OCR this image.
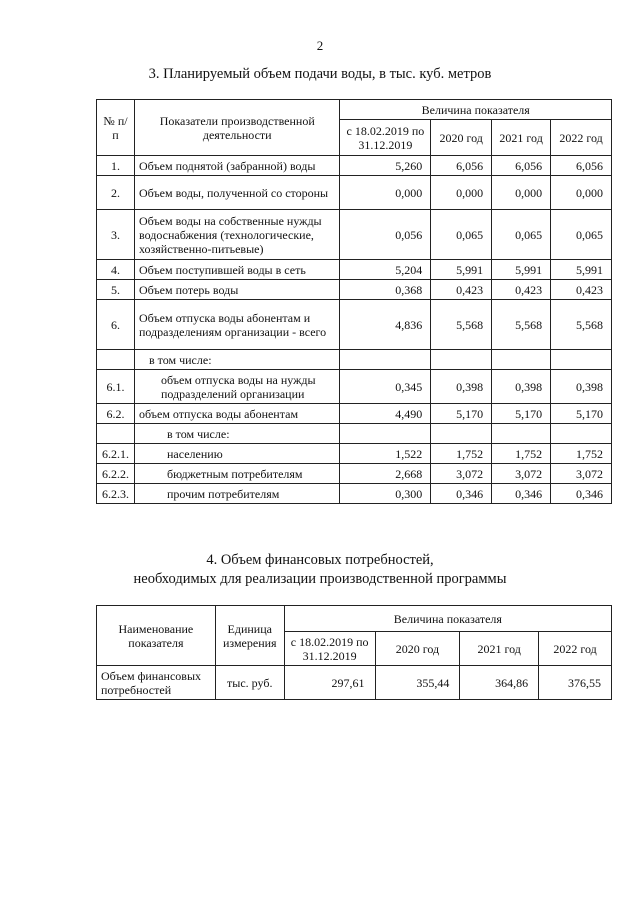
2
3. Планируемый объем подачи воды, в тыс. куб. метров
№ п/п	Показатели производственной деятельности	Величина показателя			
		с 18.02.2019 по 31.12.2019	2020 год	2021 год	2022 год
1.	Объем поднятой (забранной) воды	5,260	6,056	6,056	6,056
2.	Объем воды, полученной со стороны	0,000	0,000	0,000	0,000
3.	Объем воды на собственные нужды водоснабжения (технологические, хозяйственно-питьевые)	0,056	0,065	0,065	0,065
4.	Объем поступившей воды в сеть	5,204	5,991	5,991	5,991
5.	Объем потерь воды	0,368	0,423	0,423	0,423
6.	Объем отпуска воды абонентам и подразделениям организации - всего	4,836	5,568	5,568	5,568
	в том числе:				
6.1.	объем отпуска воды на нужды подразделений организации	0,345	0,398	0,398	0,398
6.2.	объем отпуска воды абонентам	4,490	5,170	5,170	5,170
	в том числе:				
6.2.1.	населению	1,522	1,752	1,752	1,752
6.2.2.	бюджетным потребителям	2,668	3,072	3,072	3,072
6.2.3.	прочим потребителям	0,300	0,346	0,346	0,346
4. Объем финансовых потребностей,
необходимых для реализации производственной программы
Наименование показателя	Единица измерения	Величина показателя			
		с 18.02.2019 по 31.12.2019	2020 год	2021 год	2022 год
Объем финансовых потребностей	тыс. руб.	297,61	355,44	364,86	376,55
